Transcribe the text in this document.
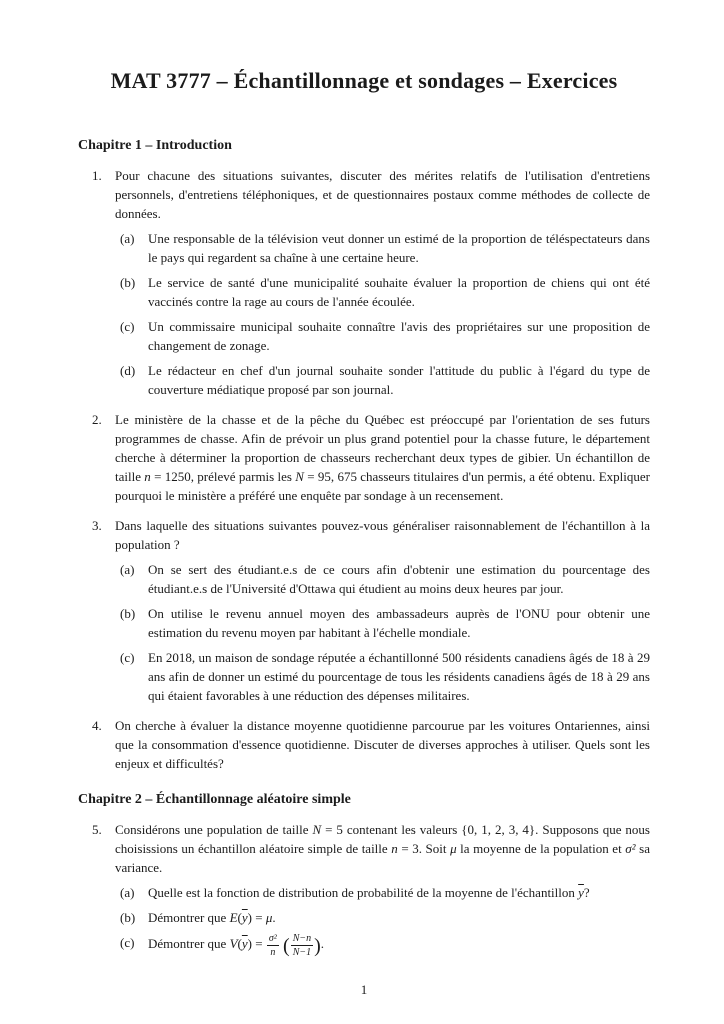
MAT 3777 – Échantillonnage et sondages – Exercices
Chapitre 1 – Introduction
1. Pour chacune des situations suivantes, discuter des mérites relatifs de l'utilisation d'entretiens personnels, d'entretiens téléphoniques, et de questionnaires postaux comme méthodes de collecte de données.
(a) Une responsable de la télévision veut donner un estimé de la proportion de téléspectateurs dans le pays qui regardent sa chaîne à une certaine heure.
(b) Le service de santé d'une municipalité souhaite évaluer la proportion de chiens qui ont été vaccinés contre la rage au cours de l'année écoulée.
(c) Un commissaire municipal souhaite connaître l'avis des propriétaires sur une proposition de changement de zonage.
(d) Le rédacteur en chef d'un journal souhaite sonder l'attitude du public à l'égard du type de couverture médiatique proposé par son journal.
2. Le ministère de la chasse et de la pêche du Québec est préoccupé par l'orientation de ses futurs programmes de chasse. Afin de prévoir un plus grand potentiel pour la chasse future, le département cherche à déterminer la proportion de chasseurs recherchant deux types de gibier. Un échantillon de taille n = 1250, prélevé parmis les N = 95, 675 chasseurs titulaires d'un permis, a été obtenu. Expliquer pourquoi le ministère a préféré une enquête par sondage à un recensement.
3. Dans laquelle des situations suivantes pouvez-vous généraliser raisonnablement de l'échantillon à la population ?
(a) On se sert des étudiant.e.s de ce cours afin d'obtenir une estimation du pourcentage des étudiant.e.s de l'Université d'Ottawa qui étudient au moins deux heures par jour.
(b) On utilise le revenu annuel moyen des ambassadeurs auprès de l'ONU pour obtenir une estimation du revenu moyen par habitant à l'échelle mondiale.
(c) En 2018, un maison de sondage réputée a échantillonné 500 résidents canadiens âgés de 18 à 29 ans afin de donner un estimé du pourcentage de tous les résidents canadiens âgés de 18 à 29 ans qui étaient favorables à une réduction des dépenses militaires.
4. On cherche à évaluer la distance moyenne quotidienne parcourue par les voitures Ontariennes, ainsi que la consommation d'essence quotidienne. Discuter de diverses approches à utiliser. Quels sont les enjeux et difficultés?
Chapitre 2 – Échantillonnage aléatoire simple
5. Considérons une population de taille N = 5 contenant les valeurs {0, 1, 2, 3, 4}. Supposons que nous choisissions un échantillon aléatoire simple de taille n = 3. Soit μ la moyenne de la population et σ² sa variance.
(a) Quelle est la fonction de distribution de probabilité de la moyenne de l'échantillon $\overline{y}$?
(b) Démontrer que $E(\overline{y}) = \mu$.
(c) Démontrer que $V(\overline{y}) = \frac{\text{σ²}}{n}$ ( $\frac{N-n}{N-1}$ ).
1
